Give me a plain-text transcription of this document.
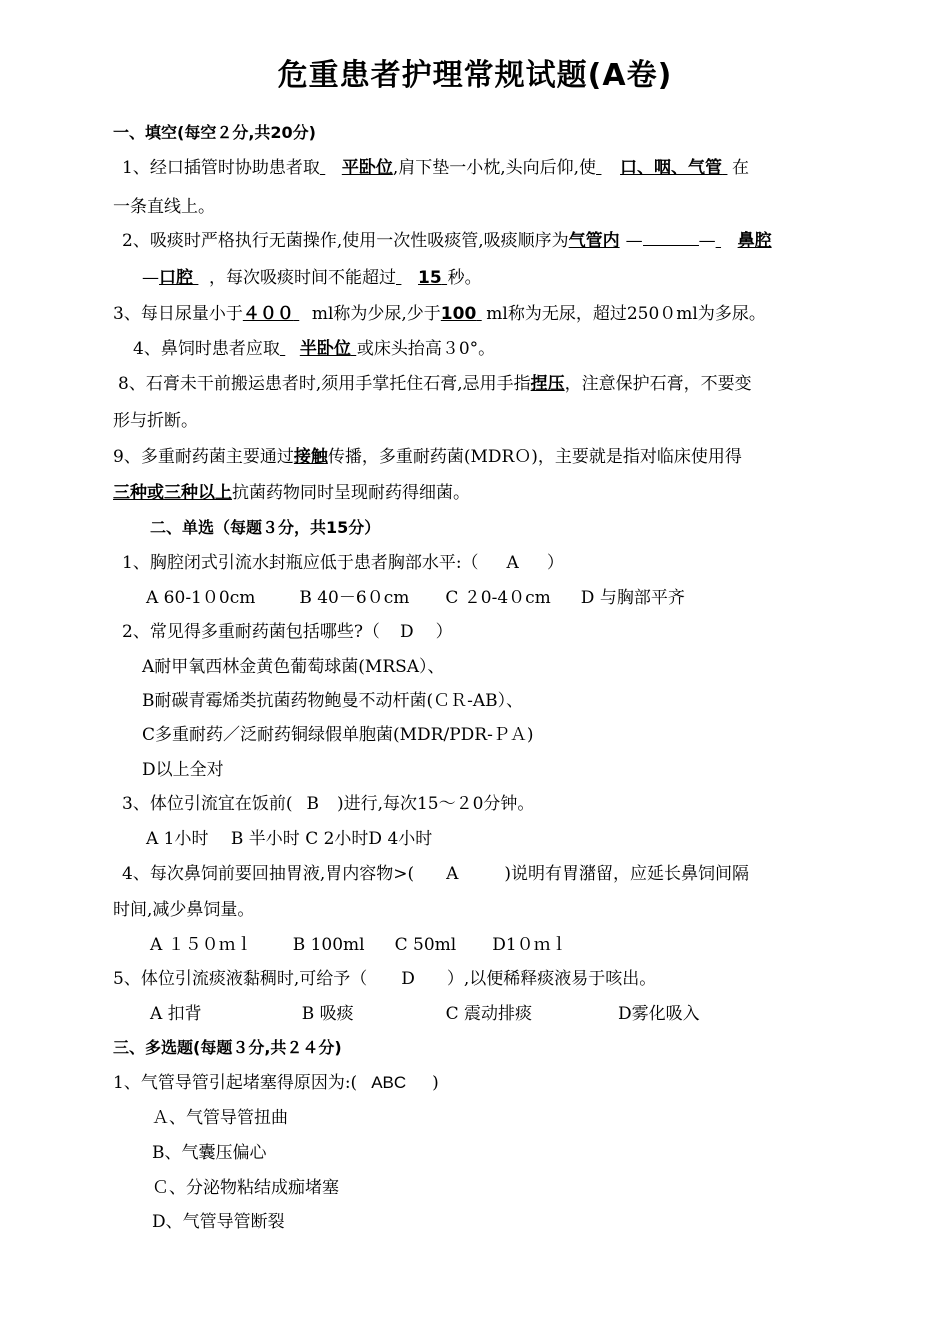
危重患者护理常规试题(A卷)
一、填空(每空２分,共20分)
1、经口插管时协助患者取 平卧位,肩下垫一小枕,头向后仰,使 口、咽、气管 在
一条直线上。
2、吸痰时严格执行无菌操作,使用一次性吸痰管,吸痰顺序为气管内 —	— 鼻腔
—口腔 ，每次吸痰时间不能超过 15 秒。
3、每日尿量小于４００ ml称为少尿,少于100 ml称为无尿，超过250０ml为多尿。
4、鼻饲时患者应取 半卧位 或床头抬高３0°。
8、石膏未干前搬运患者时,须用手掌托住石膏,忌用手指捏压，注意保护石膏，不要变
形与折断。
9、多重耐药菌主要通过接触传播，多重耐药菌(MDRＯ)，主要就是指对临床使用得
三种或三种以上抗菌药物同时呈现耐药得细菌。
二、单选（每题３分，共15分）
1、胸腔闭式引流水封瓶应低于患者胸部水平:（ A ）
A 60-1０0cm	B 40－6０cm C ２0-4０cm D 与胸部平齐
2、常见得多重耐药菌包括哪些?（ D ）
A耐甲氧西林金黄色葡萄球菌(MRSA）、
B耐碳青霉烯类抗菌药物鲍曼不动杆菌(ＣＲ-AB）、
C多重耐药／泛耐药铜绿假单胞菌(MDR/PDR-ＰＡ)
D以上全对
3、体位引流宜在饭前( B )进行,每次15～２0分钟。
A 1小时　 B 半小时 C 2小时D 4小时
4、每次鼻饲前要回抽胃液,胃内容物>( A	)说明有胃潴留，应延长鼻饲间隔
时间,减少鼻饲量。
A １５０ｍｌ B 100ml C 50ml D1０ｍｌ
5、体位引流痰液黏稠时,可给予（ D ）,以便稀释痰液易于咳出。
A 扣背	B 吸痰	C 震动排痰	D雾化吸入
三、多选题(每题３分,共２４分)
1、气管导管引起堵塞得原因为:( ABC )
Ａ、气管导管扭曲
B、气囊压偏心
Ｃ、分泌物粘结成痂堵塞
D、气管导管断裂
